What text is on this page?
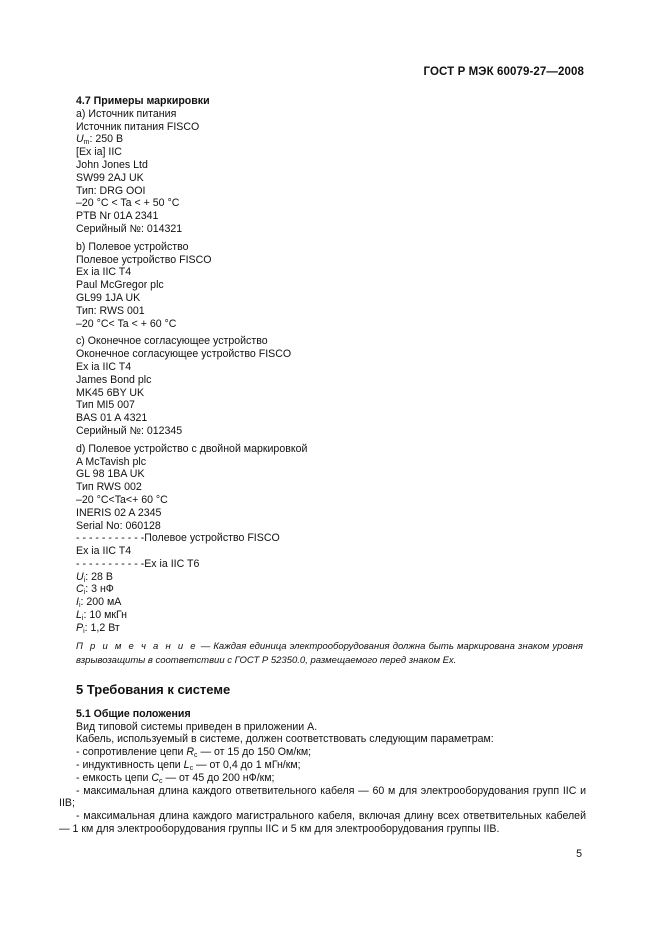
ГОСТ Р МЭК 60079-27—2008
4.7 Примеры маркировки
а) Источник питания
Источник питания FISCO
$U_m$: 250 В
[Ex ia] IIC
John Jones Ltd
SW99 2AJ UK
Тип: DRG OOI
–20 °C < Ta < + 50 °C
PTB Nr 01A 2341
Серийный №: 014321
b) Полевое устройство
Полевое устройство FISCO
Ex ia IIC T4
Paul McGregor plc
GL99 1JA UK
Тип: RWS 001
–20 °C< Ta < + 60 °C
c) Оконечное согласующее устройство
Оконечное согласующее устройство FISCO
Ex ia IIC T4
James Bond plc
MK45 6BY UK
Тип MI5 007
BAS 01 A 4321
Серийный №: 012345
d) Полевое устройство с двойной маркировкой
A McTavish plc
GL 98 1BA UK
Тип RWS 002
–20 °C<Ta<+ 60 °C
INERIS 02 A 2345
Serial No: 060128
- - - - - - - - - - -Полевое устройство FISCO
Ex ia IIC T4
- - - - - - - - - - -Ex ia IIC T6
$U_i$: 28 В
$C_i$: 3 нФ
$I_i$: 200 мА
$L_i$: 10 мкГн
$P_i$: 1,2 Вт
П р и м е ч а н и е — Каждая единица электрооборудования должна быть маркирована знаком уровня взрывозащиты в соответствии с ГОСТ Р 52350.0, размещаемого перед знаком Ex.
5 Требования к системе
5.1 Общие положения
Вид типовой системы приведен в приложении А.
Кабель, используемый в системе, должен соответствовать следующим параметрам:
- сопротивление цепи $R_c$ — от 15 до 150 Ом/км;
- индуктивность цепи $L_c$ — от 0,4 до 1 мГн/км;
- емкость цепи $C_c$ — от 45 до 200 нФ/км;
- максимальная длина каждого ответвительного кабеля — 60 м для электрооборудования групп IIC и IIB;
- максимальная длина каждого магистрального кабеля, включая длину всех ответвительных кабелей — 1 км для электрооборудования группы IIC и 5 км для электрооборудования группы IIB.
5
